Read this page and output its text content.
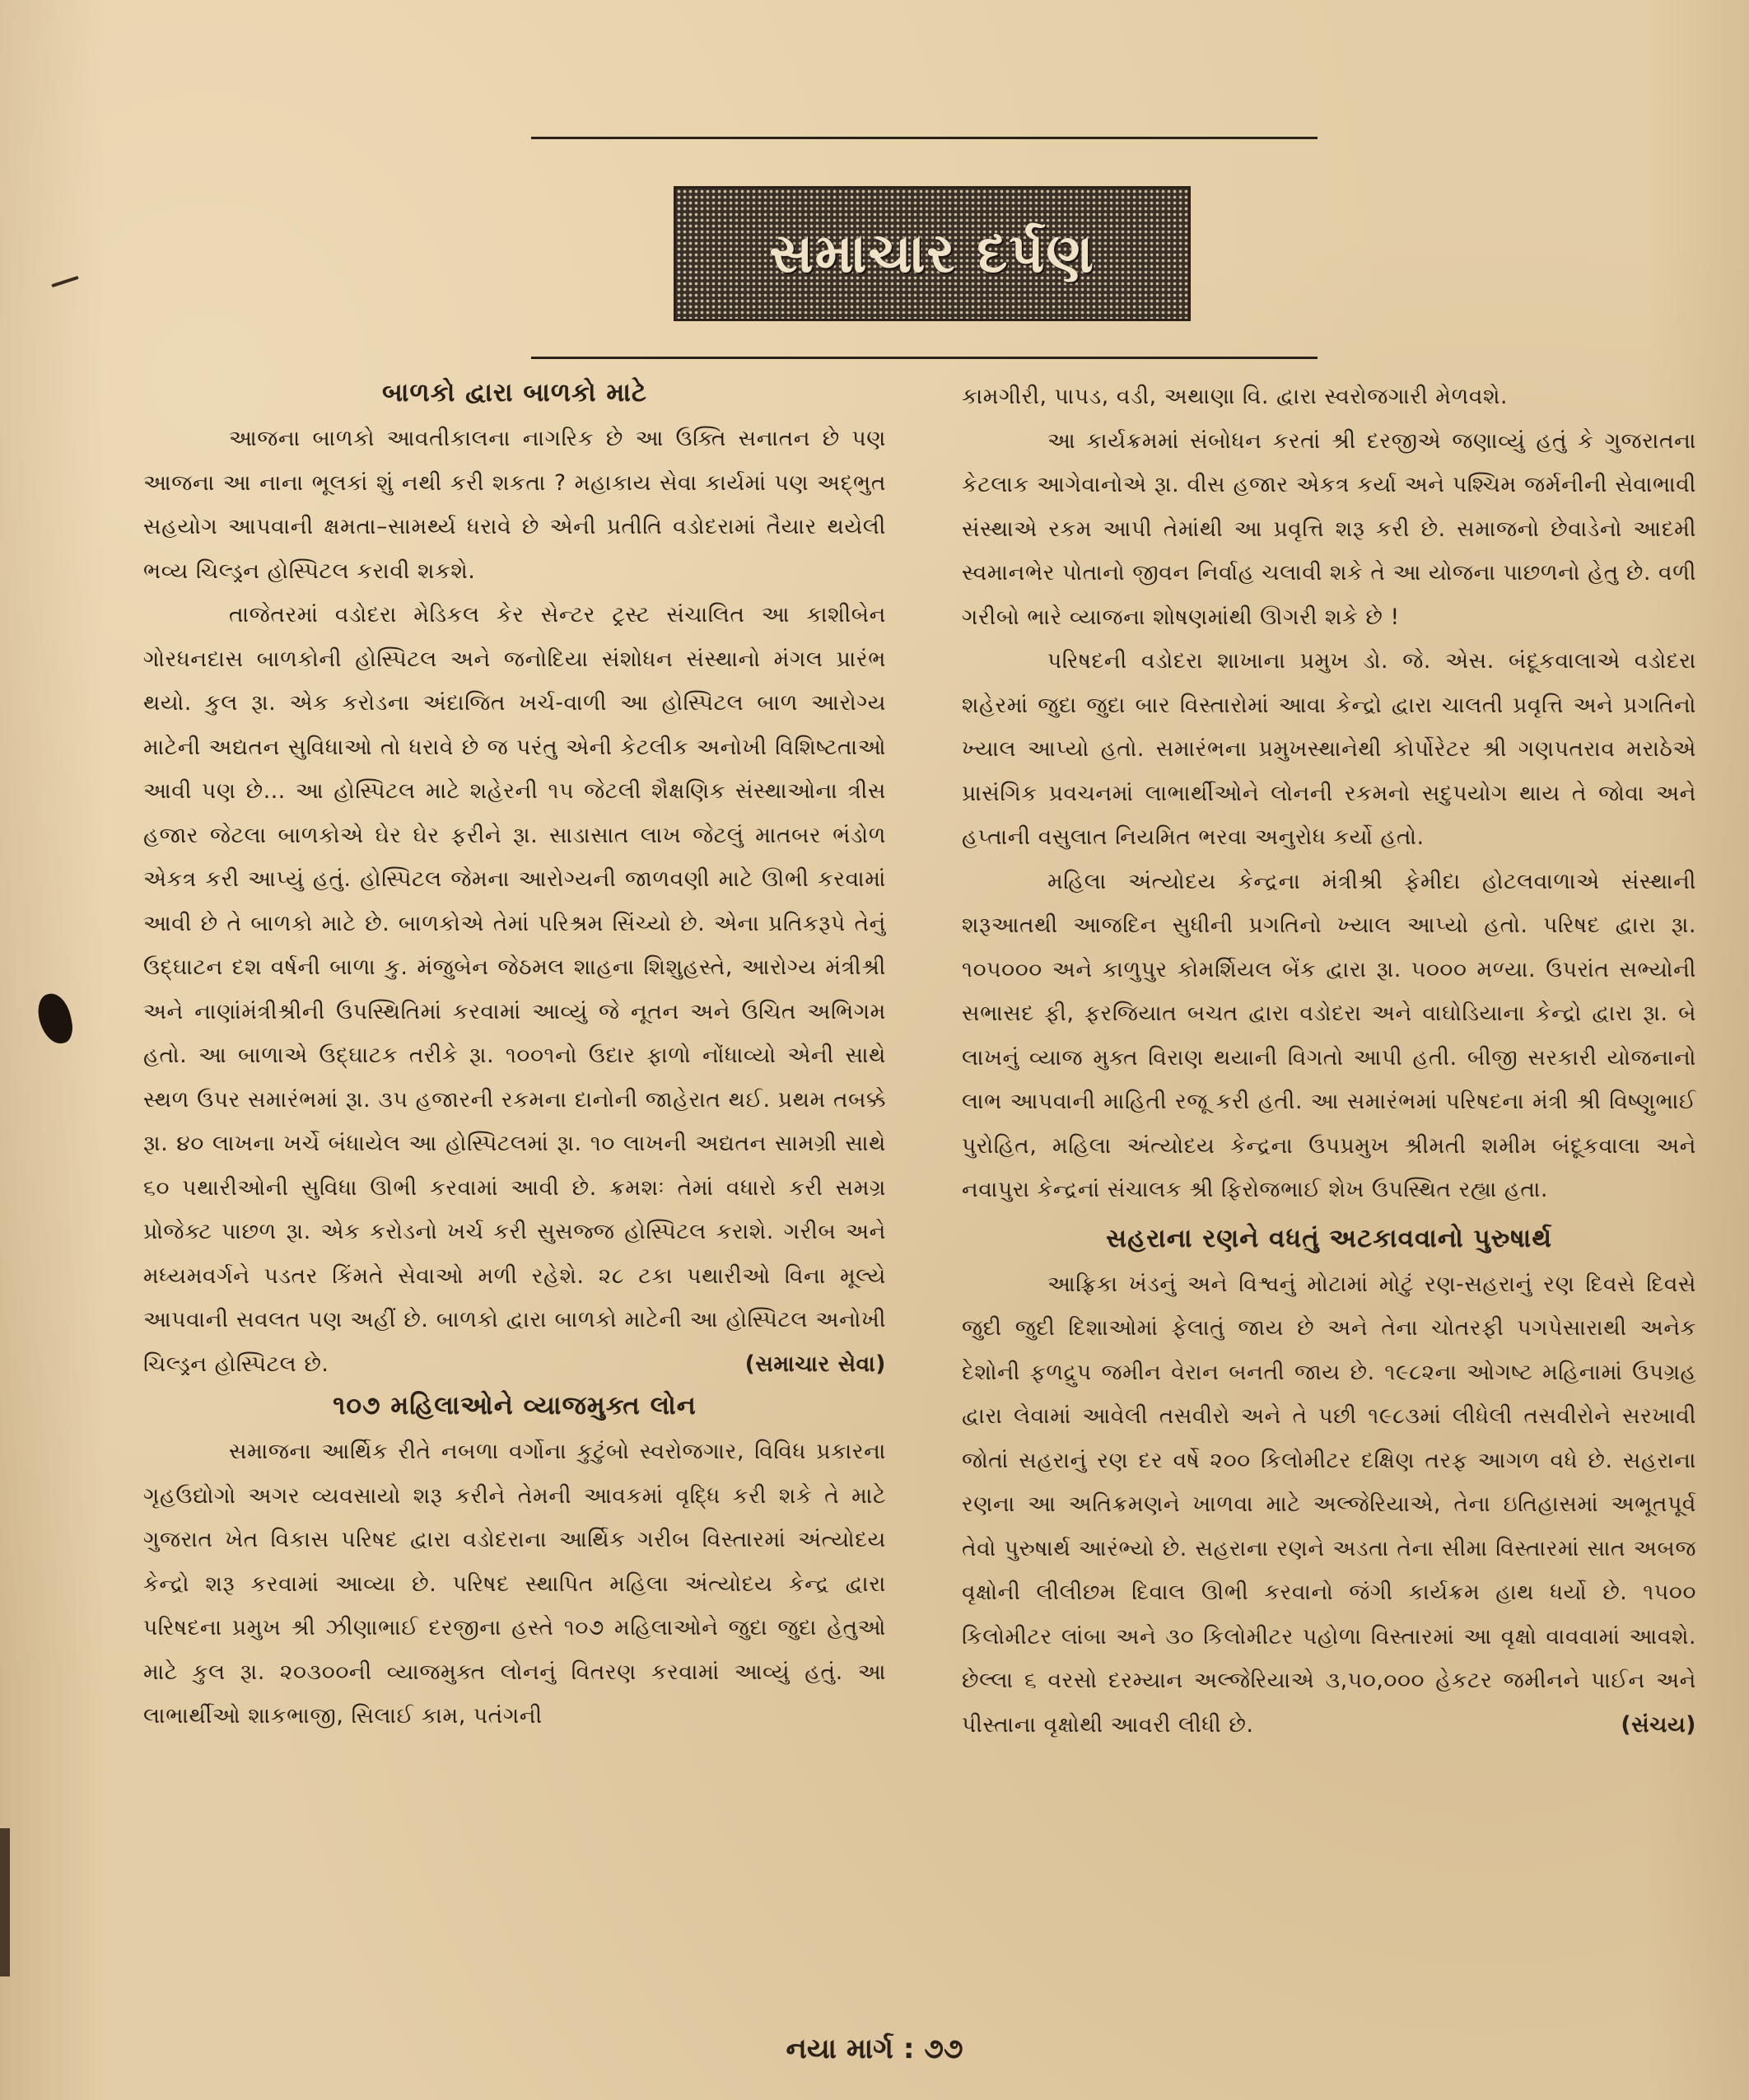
સમાચાર દર્પણ
બાળકો દ્વારા બાળકો માટે

આજના બાળકો આવતીકાલના નાગરિક છે આ ઉક્તિ સનાતન છે પણ આજના આ નાના ભૂલકાં શું નથી કરી શકતા ? મહાકાય સેવા કાર્યમાં પણ અદ્ભુત સહયોગ આપવાની ક્ષમતા–સામર્થ્ય ધરાવે છે એની પ્રતીતિ વડોદરામાં તૈયાર થયેલી ભવ્ય ચિલ્ડ્રન હોસ્પિટલ કરાવી શકશે.

તાજેતરમાં વડોદરા મેડિકલ કેર સેન્ટર ટ્રસ્ટ સંચાલિત આ કાશીબેન ગોરધનદાસ બાળકોની હોસ્પિટલ અને જનોદિયા સંશોધન સંસ્થાનો મંગલ પ્રારંભ થયો. કુલ રૂા. એક કરોડના અંદાજિત ખર્ચ-વાળી આ હોસ્પિટલ બાળ આરોગ્ય માટેની અદ્યતન સુવિધાઓ તો ધરાવે છે જ પરંતુ એની કેટલીક અનોખી વિશિષ્ટતાઓ આવી પણ છે... આ હોસ્પિટલ માટે શહેરની ૧૫ જેટલી શૈક્ષણિક સંસ્થાઓના ત્રીસ હજાર જેટલા બાળકોએ ઘેર ઘેર ફરીને રૂા. સાડાસાત લાખ જેટલું માતબર ભંડોળ એકત્ર કરી આપ્યું હતું. હોસ્પિટલ જેમના આરોગ્યની જાળવણી માટે ઊભી કરવામાં આવી છે તે બાળકો માટે છે. બાળકોએ તેમાં પરિશ્રમ સિંચ્યો છે. એના પ્રતિકરૂપે તેનું ઉદ્ઘાટન દશ વર્ષની બાળા કુ. મંજુબેન જેઠમલ શાહના શિશુહસ્તે, આરોગ્ય મંત્રીશ્રી અને નાણાંમંત્રીશ્રીની ઉપસ્થિતિમાં કરવામાં આવ્યું જે નૂતન અને ઉચિત અભિગમ હતો. આ બાળાએ ઉદ્ઘાટક તરીકે રૂા. ૧૦૦૧નો ઉદાર ફાળો નોંધાવ્યો એની સાથે સ્થળ ઉપર સમારંભમાં રૂા. ૩૫ હજારની રકમના દાનોની જાહેરાત થઈ. પ્રથમ તબક્કે રૂા. ૪૦ લાખના ખર્ચે બંધાયેલ આ હોસ્પિટલમાં રૂા. ૧૦ લાખની અદ્યતન સામગ્રી સાથે ૬૦ પથારીઓની સુવિધા ઊભી કરવામાં આવી છે. ક્રમશઃ તેમાં વધારો કરી સમગ્ર પ્રોજેક્ટ પાછળ રૂા. એક કરોડનો ખર્ચ કરી સુસજ્જ હોસ્પિટલ કરાશે. ગરીબ અને મધ્યમવર્ગને પડતર કિંમતે સેવાઓ મળી રહેશે. ૨૮ ટકા પથારીઓ વિના મૂલ્યે આપવાની સવલત પણ અહીં છે. બાળકો દ્વારા બાળકો માટેની આ હોસ્પિટલ અનોખી ચિલ્ડ્રન હોસ્પિટલ છે.	(સમાચાર સેવા)

૧૦૭ મહિલાઓને વ્યાજમુક્ત લોન

સમાજના આર્થિક રીતે નબળા વર્ગોના કુટુંબો સ્વરોજગાર, વિવિધ પ્રકારના ગૃહઉદ્યોગો અગર વ્યવસાયો શરૂ કરીને તેમની આવકમાં વૃદ્ધિ કરી શકે તે માટે ગુજરાત ખેત વિકાસ પરિષદ દ્વારા વડોદરાના આર્થિક ગરીબ વિસ્તારમાં અંત્યોદય કેન્દ્રો શરૂ કરવામાં આવ્યા છે. પરિષદ સ્થાપિત મહિલા અંત્યોદય કેન્દ્ર દ્વારા પરિષદના પ્રમુખ શ્રી ઝીણાભાઈ દરજીના હસ્તે ૧૦૭ મહિલાઓને જુદા જુદા હેતુઓ માટે કુલ રૂા. ૨૦૩૦૦ની વ્યાજમુક્ત લોનનું વિતરણ કરવામાં આવ્યું હતું. આ લાભાર્થીઓ શાકભાજી, સિલાઈ કામ, પતંગની

કામગીરી, પાપડ, વડી, અથાણા વિ. દ્વારા સ્વરોજગારી મેળવશે.

આ કાર્યક્રમમાં સંબોધન કરતાં શ્રી દરજીએ જણાવ્યું હતું કે ગુજરાતના કેટલાક આગેવાનોએ રૂા. વીસ હજાર એકત્ર કર્યા અને પશ્ચિમ જર્મનીની સેવાભાવી સંસ્થાએ રકમ આપી તેમાંથી આ પ્રવૃત્તિ શરૂ કરી છે. સમાજનો છેવાડેનો આદમી સ્વમાનભેર પોતાનો જીવન નિર્વાહ ચલાવી શકે તે આ યોજના પાછળનો હેતુ છે. વળી ગરીબો ભારે વ્યાજના શોષણમાંથી ઊગરી શકે છે !

પરિષદની વડોદરા શાખાના પ્રમુખ ડો. જે. એસ. બંદૂકવાલાએ વડોદરા શહેરમાં જુદા જુદા બાર વિસ્તારોમાં આવા કેન્દ્રો દ્વારા ચાલતી પ્રવૃત્તિ અને પ્રગતિનો ખ્યાલ આપ્યો હતો. સમારંભના પ્રમુખસ્થાનેથી કોર્પોરેટર શ્રી ગણપતરાવ મરાઠેએ પ્રાસંગિક પ્રવચનમાં લાભાર્થીઓને લોનની રકમનો સદુપયોગ થાય તે જોવા અને હપ્તાની વસુલાત નિયમિત ભરવા અનુરોધ કર્યો હતો.

મહિલા અંત્યોદય કેન્દ્રના મંત્રીશ્રી ફેમીદા હોટલવાળાએ સંસ્થાની શરૂઆતથી આજદિન સુધીની પ્રગતિનો ખ્યાલ આપ્યો હતો. પરિષદ દ્વારા રૂા. ૧૦૫૦૦૦ અને કાળુપુર કોમર્શિયલ બેંક દ્વારા રૂા. ૫૦૦૦ મળ્યા. ઉપરાંત સભ્યોની સભાસદ ફી, ફરજિયાત બચત દ્વારા વડોદરા અને વાઘોડિયાના કેન્દ્રો દ્વારા રૂા. બે લાખનું વ્યાજ મુક્ત વિરાણ થયાની વિગતો આપી હતી. બીજી સરકારી યોજનાનો લાભ આપવાની માહિતી રજૂ કરી હતી. આ સમારંભમાં પરિષદના મંત્રી શ્રી વિષ્ણુભાઈ પુરોહિત, મહિલા અંત્યોદય કેન્દ્રના ઉપપ્રમુખ શ્રીમતી શમીમ બંદૂકવાલા અને નવાપુરા કેન્દ્રનાં સંચાલક શ્રી ફિરોજભાઈ શેખ ઉપસ્થિત રહ્યા હતા.

સહરાના રણને વધતું અટકાવવાનો પુરુષાર્થ

આફ્રિકા ખંડનું અને વિશ્વનું મોટામાં મોટું રણ-સહરાનું રણ દિવસે દિવસે જુદી જુદી દિશાઓમાં ફેલાતું જાય છે અને તેના ચોતરફી પગપેસારાથી અનેક દેશોની ફળદ્રુપ જમીન વેરાન બનતી જાય છે. ૧૯૮૨ના ઓગષ્ટ મહિનામાં ઉપગ્રહ દ્વારા લેવામાં આવેલી તસવીરો અને તે પછી ૧૯૮૩માં લીધેલી તસવીરોને સરખાવી જોતાં સહરાનું રણ દર વર્ષે ૨૦૦ કિલોમીટર દક્ષિણ તરફ આગળ વધે છે. સહરાના રણના આ અતિક્રમણને ખાળવા માટે અલ્જેરિયાએ, તેના ઇતિહાસમાં અભૂતપૂર્વ તેવો પુરુષાર્થ આરંભ્યો છે. સહરાના રણને અડતા તેના સીમા વિસ્તારમાં સાત અબજ વૃક્ષોની લીલીછમ દિવાલ ઊભી કરવાનો જંગી કાર્યક્રમ હાથ ધર્યો છે. ૧૫૦૦ કિલોમીટર લાંબા અને ૩૦ કિલોમીટર પહોળા વિસ્તારમાં આ વૃક્ષો વાવવામાં આવશે. છેલ્લા ૬ વરસો દરમ્યાન અલ્જેરિયાએ ૩,૫૦,૦૦૦ હેકટર જમીનને પાઈન અને પીસ્તાના વૃક્ષોથી આવરી લીધી છે.	(સંચય)

નયા માર્ગ : ૭૭
